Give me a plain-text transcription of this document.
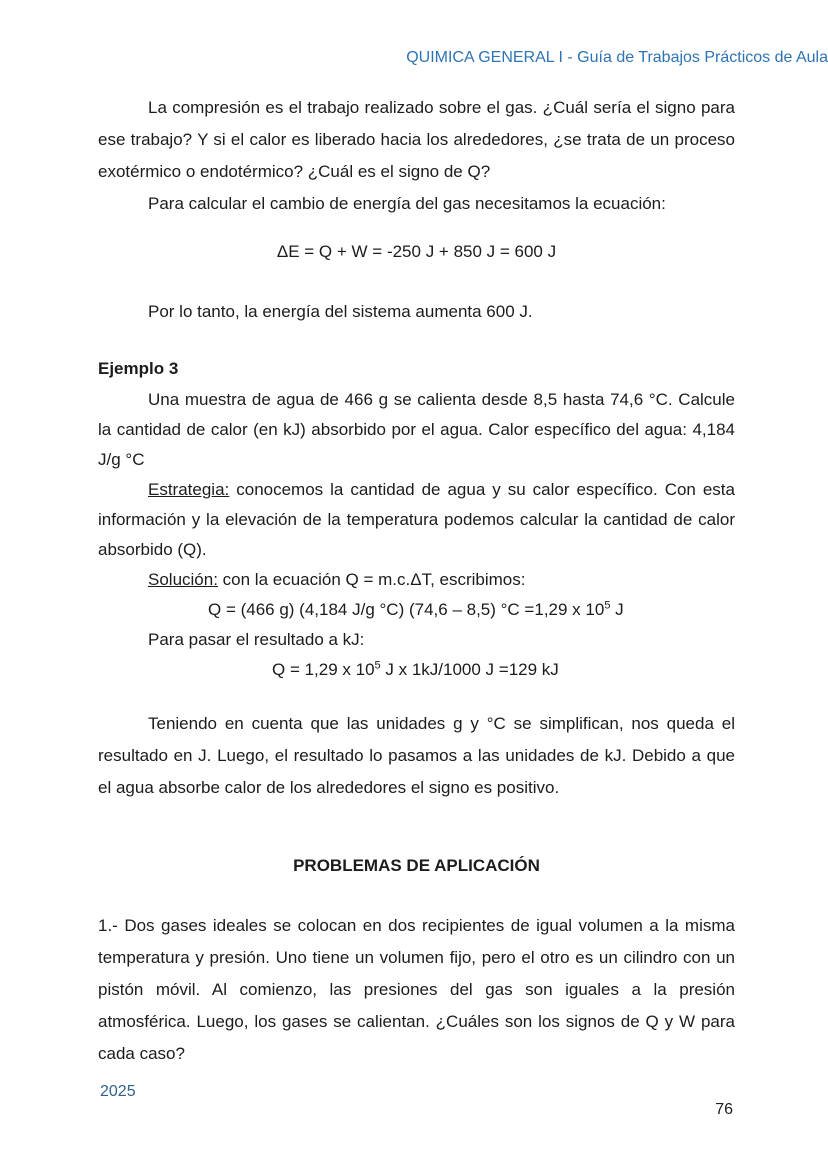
QUIMICA GENERAL I - Guía de Trabajos Prácticos de Aula

La compresión es el trabajo realizado sobre el gas. ¿Cuál sería el signo para ese trabajo? Y si el calor es liberado hacia los alrededores, ¿se trata de un proceso exotérmico o endotérmico? ¿Cuál es el signo de Q?

Para calcular el cambio de energía del gas necesitamos la ecuación:

ΔE = Q + W = -250 J + 850 J = 600 J

Por lo tanto, la energía del sistema aumenta 600 J.

Ejemplo 3

Una muestra de agua de 466 g se calienta desde 8,5 hasta 74,6 °C. Calcule la cantidad de calor (en kJ) absorbido por el agua. Calor específico del agua: 4,184 J/g °C

Estrategia: conocemos la cantidad de agua y su calor específico. Con esta información y la elevación de la temperatura podemos calcular la cantidad de calor absorbido (Q).

Solución: con la ecuación Q = m.c.ΔT, escribimos:

Q = (466 g) (4,184 J/g °C) (74,6 – 8,5) °C =1,29 x $10^5$ J

Para pasar el resultado a kJ:

Q = 1,29 x $10^5$ J x 1kJ/1000 J =129 kJ

Teniendo en cuenta que las unidades g y °C se simplifican, nos queda el resultado en J. Luego, el resultado lo pasamos a las unidades de kJ. Debido a que el agua absorbe calor de los alrededores el signo es positivo.

PROBLEMAS DE APLICACIÓN

1.- Dos gases ideales se colocan en dos recipientes de igual volumen a la misma temperatura y presión. Uno tiene un volumen fijo, pero el otro es un cilindro con un pistón móvil. Al comienzo, las presiones del gas son iguales a la presión atmosférica. Luego, los gases se calientan. ¿Cuáles son los signos de Q y W para cada caso?

2025
76
